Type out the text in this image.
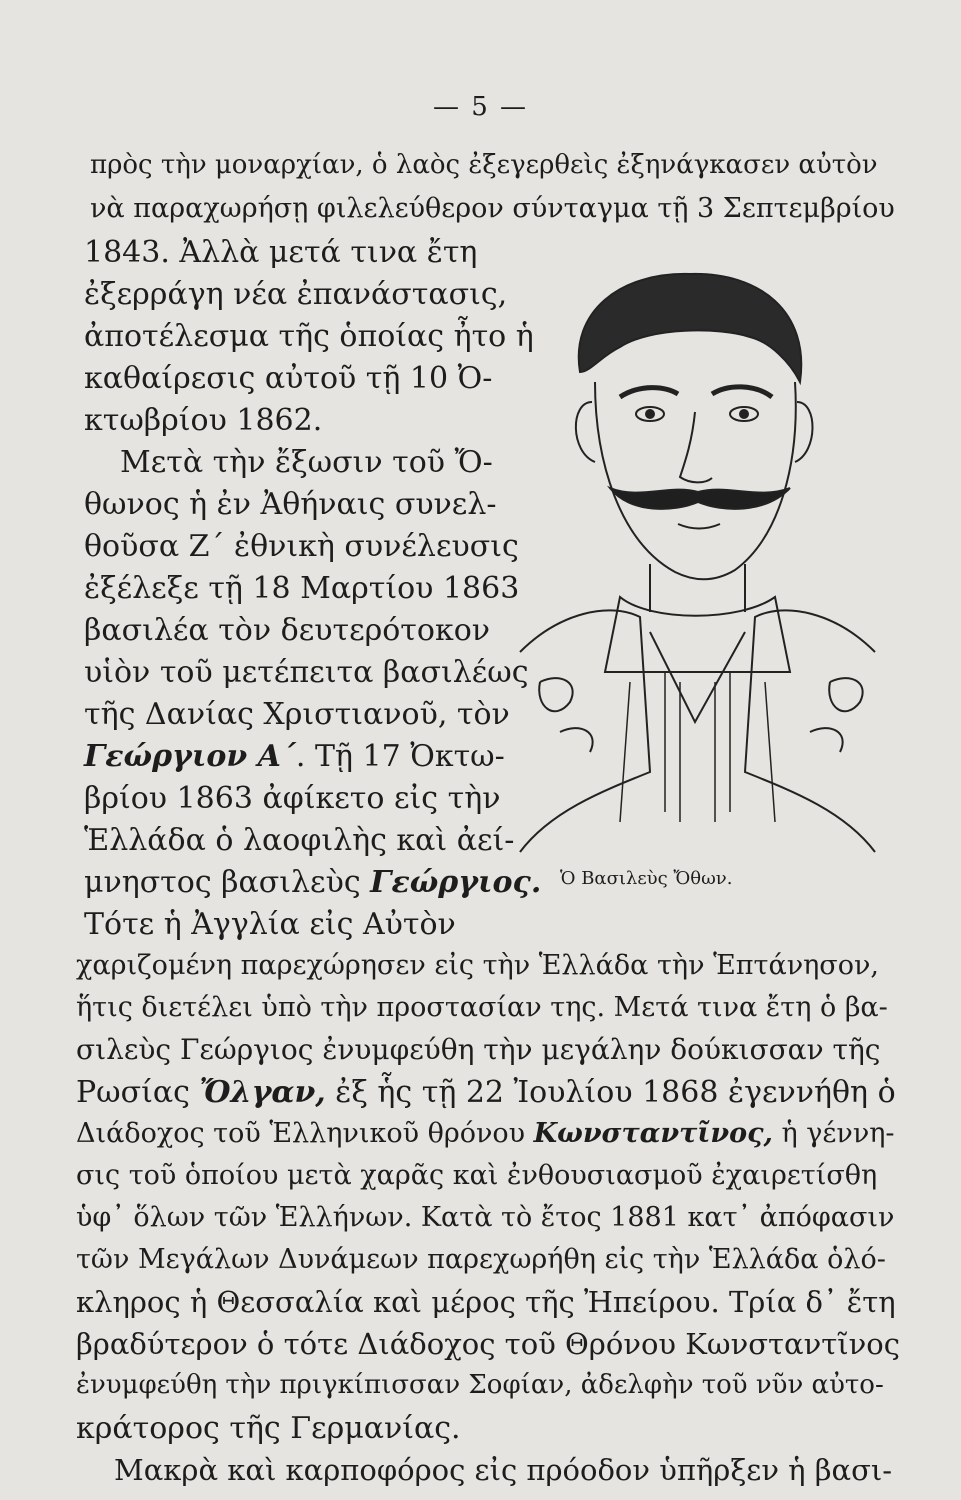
— 5 —
πρὸς τὴν μοναρχίαν, ὁ λαὸς ἐξεγερθεὶς ἐξηνάγκασεν αὐτὸν
νὰ παραχωρήσῃ φιλελεύθερον σύνταγμα τῇ 3 Σεπτεμβρίου
1843. Ἀλλὰ μετά τινα ἔτη
ἐξερράγη νέα ἐπανάστασις,
ἀποτέλεσμα τῆς ὁποίας ἦτο ἡ
καθαίρεσις αὐτοῦ τῇ 10 Ὀ-
κτωβρίου 1862.
Μετὰ τὴν ἔξωσιν τοῦ Ὄ-
θωνος ἡ ἐν Ἀθήναις συνελ-
θοῦσα Ζ´ ἐθνικὴ συνέλευσις
ἐξέλεξε τῇ 18 Μαρτίου 1863
βασιλέα τὸν δευτερότοκον
υἱὸν τοῦ μετέπειτα βασιλέως
τῆς Δανίας Χριστιανοῦ, τὸν
Γεώργιον Α´. Τῇ 17 Ὀκτω-
βρίου 1863 ἀφίκετο εἰς τὴν
Ἑλλάδα ὁ λαοφιλὴς καὶ ἀεί-
μνηστος βασιλεὺς Γεώργιος.
Τότε ἡ Ἀγγλία εἰς Αὐτὸν
Ὁ Βασιλεὺς Ὄθων.
χαριζομένη παρεχώρησεν εἰς τὴν Ἑλλάδα τὴν Ἑπτάνησον,
ἥτις διετέλει ὑπὸ τὴν προστασίαν της. Μετά τινα ἔτη ὁ βα-
σιλεὺς Γεώργιος ἐνυμφεύθη τὴν μεγάλην δούκισσαν τῆς
Ρωσίας Ὄλγαν, ἐξ ἧς τῇ 22 Ἰουλίου 1868 ἐγεννήθη ὁ
Διάδοχος τοῦ Ἑλληνικοῦ θρόνου Κωνσταντῖνος, ἡ γέννη-
σις τοῦ ὁποίου μετὰ χαρᾶς καὶ ἐνθουσιασμοῦ ἐχαιρετίσθη
ὑφ᾽ ὅλων τῶν Ἑλλήνων. Κατὰ τὸ ἔτος 1881 κατ᾽ ἀπόφασιν
τῶν Μεγάλων Δυνάμεων παρεχωρήθη εἰς τὴν Ἑλλάδα ὁλό-
κληρος ἡ Θεσσαλία καὶ μέρος τῆς Ἠπείρου. Τρία δ᾽ ἔτη
βραδύτερον ὁ τότε Διάδοχος τοῦ Θρόνου Κωνσταντῖνος
ἐνυμφεύθη τὴν πριγκίπισσαν Σοφίαν, ἀδελφὴν τοῦ νῦν αὐτο-
κράτορος τῆς Γερμανίας.
Μακρὰ καὶ καρποφόρος εἰς πρόοδον ὑπῆρξεν ἡ βασι-
